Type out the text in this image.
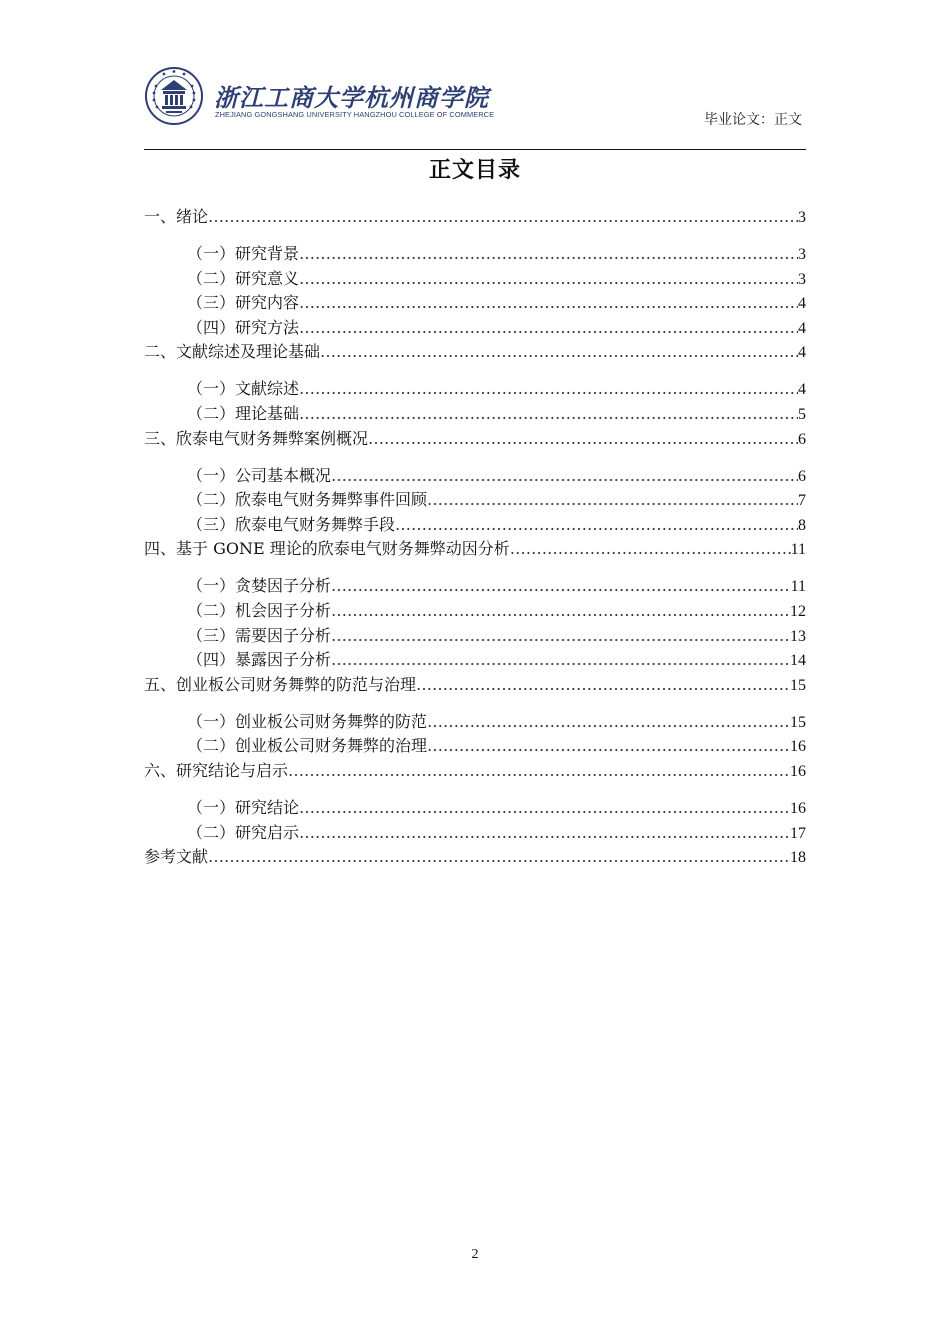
浙江工商大学杭州商学院
ZHEJIANG GONGSHANG UNIVERSITY HANGZHOU COLLEGE OF COMMERCE	毕业论文：正文
正文目录
一、绪论 ……………………………………………………………………………………………………………………………………………………………………………………	3
（一）研究背景 ……………………………………………………………………………………………………………………………………………………………………………………	3
（二）研究意义 ……………………………………………………………………………………………………………………………………………………………………………………	3
（三）研究内容 ……………………………………………………………………………………………………………………………………………………………………………………	4
（四）研究方法 ……………………………………………………………………………………………………………………………………………………………………………………	4
二、文献综述及理论基础 ……………………………………………………………………………………………………………………………………………………………………………………	4
（一）文献综述 ……………………………………………………………………………………………………………………………………………………………………………………	4
（二）理论基础 ……………………………………………………………………………………………………………………………………………………………………………………	5
三、欣泰电气财务舞弊案例概况 ……………………………………………………………………………………………………………………………………………………………………………………	6
（一）公司基本概况 ……………………………………………………………………………………………………………………………………………………………………………………	6
（二）欣泰电气财务舞弊事件回顾 ……………………………………………………………………………………………………………………………………………………………………………………	7
（三）欣泰电气财务舞弊手段 ……………………………………………………………………………………………………………………………………………………………………………………	8
四、基于 GONE 理论的欣泰电气财务舞弊动因分析 ……………………………………………………………………………………………………………………………………………………………………………………	11
（一）贪婪因子分析 ……………………………………………………………………………………………………………………………………………………………………………………	11
（二）机会因子分析 ……………………………………………………………………………………………………………………………………………………………………………………	12
（三）需要因子分析 ……………………………………………………………………………………………………………………………………………………………………………………	13
（四）暴露因子分析 ……………………………………………………………………………………………………………………………………………………………………………………	14
五、创业板公司财务舞弊的防范与治理 ……………………………………………………………………………………………………………………………………………………………………………………	15
（一）创业板公司财务舞弊的防范 ……………………………………………………………………………………………………………………………………………………………………………………	15
（二）创业板公司财务舞弊的治理 ……………………………………………………………………………………………………………………………………………………………………………………	16
六、研究结论与启示 ……………………………………………………………………………………………………………………………………………………………………………………	16
（一）研究结论 ……………………………………………………………………………………………………………………………………………………………………………………	16
（二）研究启示 ……………………………………………………………………………………………………………………………………………………………………………………	17
参考文献 ……………………………………………………………………………………………………………………………………………………………………………………	18
2
